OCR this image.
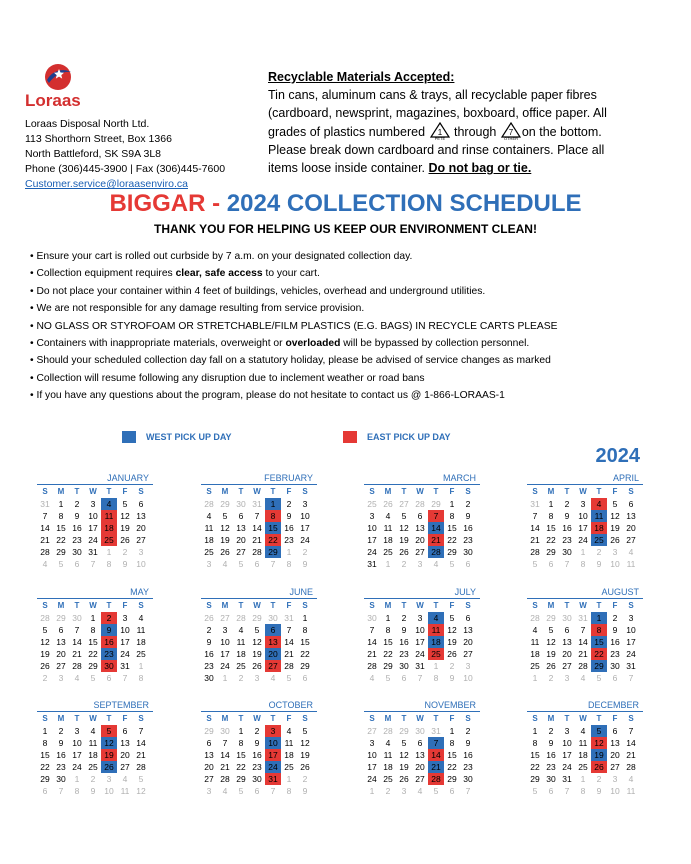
Loraas
Loraas Disposal North Ltd.
113 Shorthorn Street, Box 1366
North Battleford, SK S9A 3L8
Phone (306)445-3900 | Fax (306)445-7600
Customer.service@loraasenviro.ca
Recyclable Materials Accepted:
Tin cans, aluminum cans & trays, all recyclable paper fibres (cardboard, newsprint, magazines, boxboard, office paper. All grades of plastics numbered 1
PETE through 7
OTHER on the bottom. Please break down cardboard and rinse containers. Place all items loose inside container. Do not bag or tie.
BIGGAR - 2024 COLLECTION SCHEDULE
THANK YOU FOR HELPING US KEEP OUR ENVIRONMENT CLEAN!
• Ensure your cart is rolled out curbside by 7 a.m. on your designated collection day.
• Collection equipment requires clear, safe access to your cart.
• Do not place your container within 4 feet of buildings, vehicles, overhead and underground utilities.
• We are not responsible for any damage resulting from service provision.
• NO GLASS OR STYROFOAM OR STRETCHABLE/FILM PLASTICS (E.G. BAGS) IN RECYCLE CARTS PLEASE
• Containers with inappropriate materials, overweight or overloaded will be bypassed by collection personnel.
• Should your scheduled collection day fall on a statutory holiday, please be advised of service changes as marked
• Collection will resume following any disruption due to inclement weather or road bans
• If you have any questions about the program, please do not hesitate to contact us @ 1-866-LORAAS-1
WEST PICK UP DAY	EAST PICK UP DAY
2024
JANUARY
S	M	T	W	T	F	S
31	1	2	3	4	5	6
7	8	9	10 11 12 13
14 15 16 17 18 19 20
21 22 23 24 25 26 27
28 29 30 31	1	2	3
4	5	6	7	8	9	10
FEBRUARY
S	M	T	W	T	F	S
28 29 30 31	1	2	3
4	5	6	7	8	9	10
11 12 13 14 15 16 17
18 19 20 21 22 23 24
25 26 27 28 29	1	2
3	4	5	6	7	8	9
MARCH
S	M	T	W	T	F	S
25 26 27 28 29	1	2
3	4	5	6	7	8	9
10 11 12 13 14 15 16
17 18 19 20 21 22 23
24 25 26 27 28 29 30
31	1	2	3	4	5	6
APRIL
S	M	T	W	T	F	S
31	1	2	3	4	5	6
7	8	9	10 11 12 13
14 15 16 17 18 19 20
21 22 23 24 25 26 27
28 29 30	1	2	3	4
5	6	7	8	9	10 11
MAY
S	M	T	W	T	F	S
28 29 30	1	2	3	4
5	6	7	8	9	10 11
12 13 14 15 16 17 18
19 20 21 22 23 24 25
26 27 28 29 30 31	1
2	3	4	5	6	7	8
JUNE
S	M	T	W	T	F	S
26 27 28 29 30 31	1
2	3	4	5	6	7	8
9	10 11 12 13 14 15
16 17 18 19 20 21 22
23 24 25 26 27 28 29
30	1	2	3	4	5	6
JULY
S	M	T	W	T	F	S
30	1	2	3	4	5	6
7	8	9	10 11 12 13
14 15 16 17 18 19 20
21 22 23 24 25 26 27
28 29 30 31	1	2	3
4	5	6	7	8	9	10
AUGUST
S	M	T	W	T	F	S
28 29 30 31	1	2	3
4	5	6	7	8	9	10
11 12 13 14 15 16 17
18 19 20 21 22 23 24
25 26 27 28 29 30 31
1	2	3	4	5	6	7
SEPTEMBER
S	M	T	W	T	F	S
1	2	3	4	5	6	7
8	9	10 11 12 13 14
15 16 17 18 19 20 21
22 23 24 25 26 27 28
29 30	1	2	3	4	5
6	7	8	9	10 11 12
OCTOBER
S	M	T	W	T	F	S
29 30	1	2	3	4	5
6	7	8	9	10 11 12
13 14 15 16 17 18 19
20 21 22 23 24 25 26
27 28 29 30 31	1	2
3	4	5	6	7	8	9
NOVEMBER
S	M	T	W	T	F	S
27 28 29 30 31	1	2
3	4	5	6	7	8	9
10 11 12 13 14 15 16
17 18 19 20 21 22 23
24 25 26 27 28 29 30
1	2	3	4	5	6	7
DECEMBER
S	M	T	W	T	F	S
1	2	3	4	5	6	7
8	9	10 11 12 13 14
15 16 17 18 19 20 21
22 23 24 25 26 27 28
29 30 31	1	2	3	4
5	6	7	8	9	10 11
